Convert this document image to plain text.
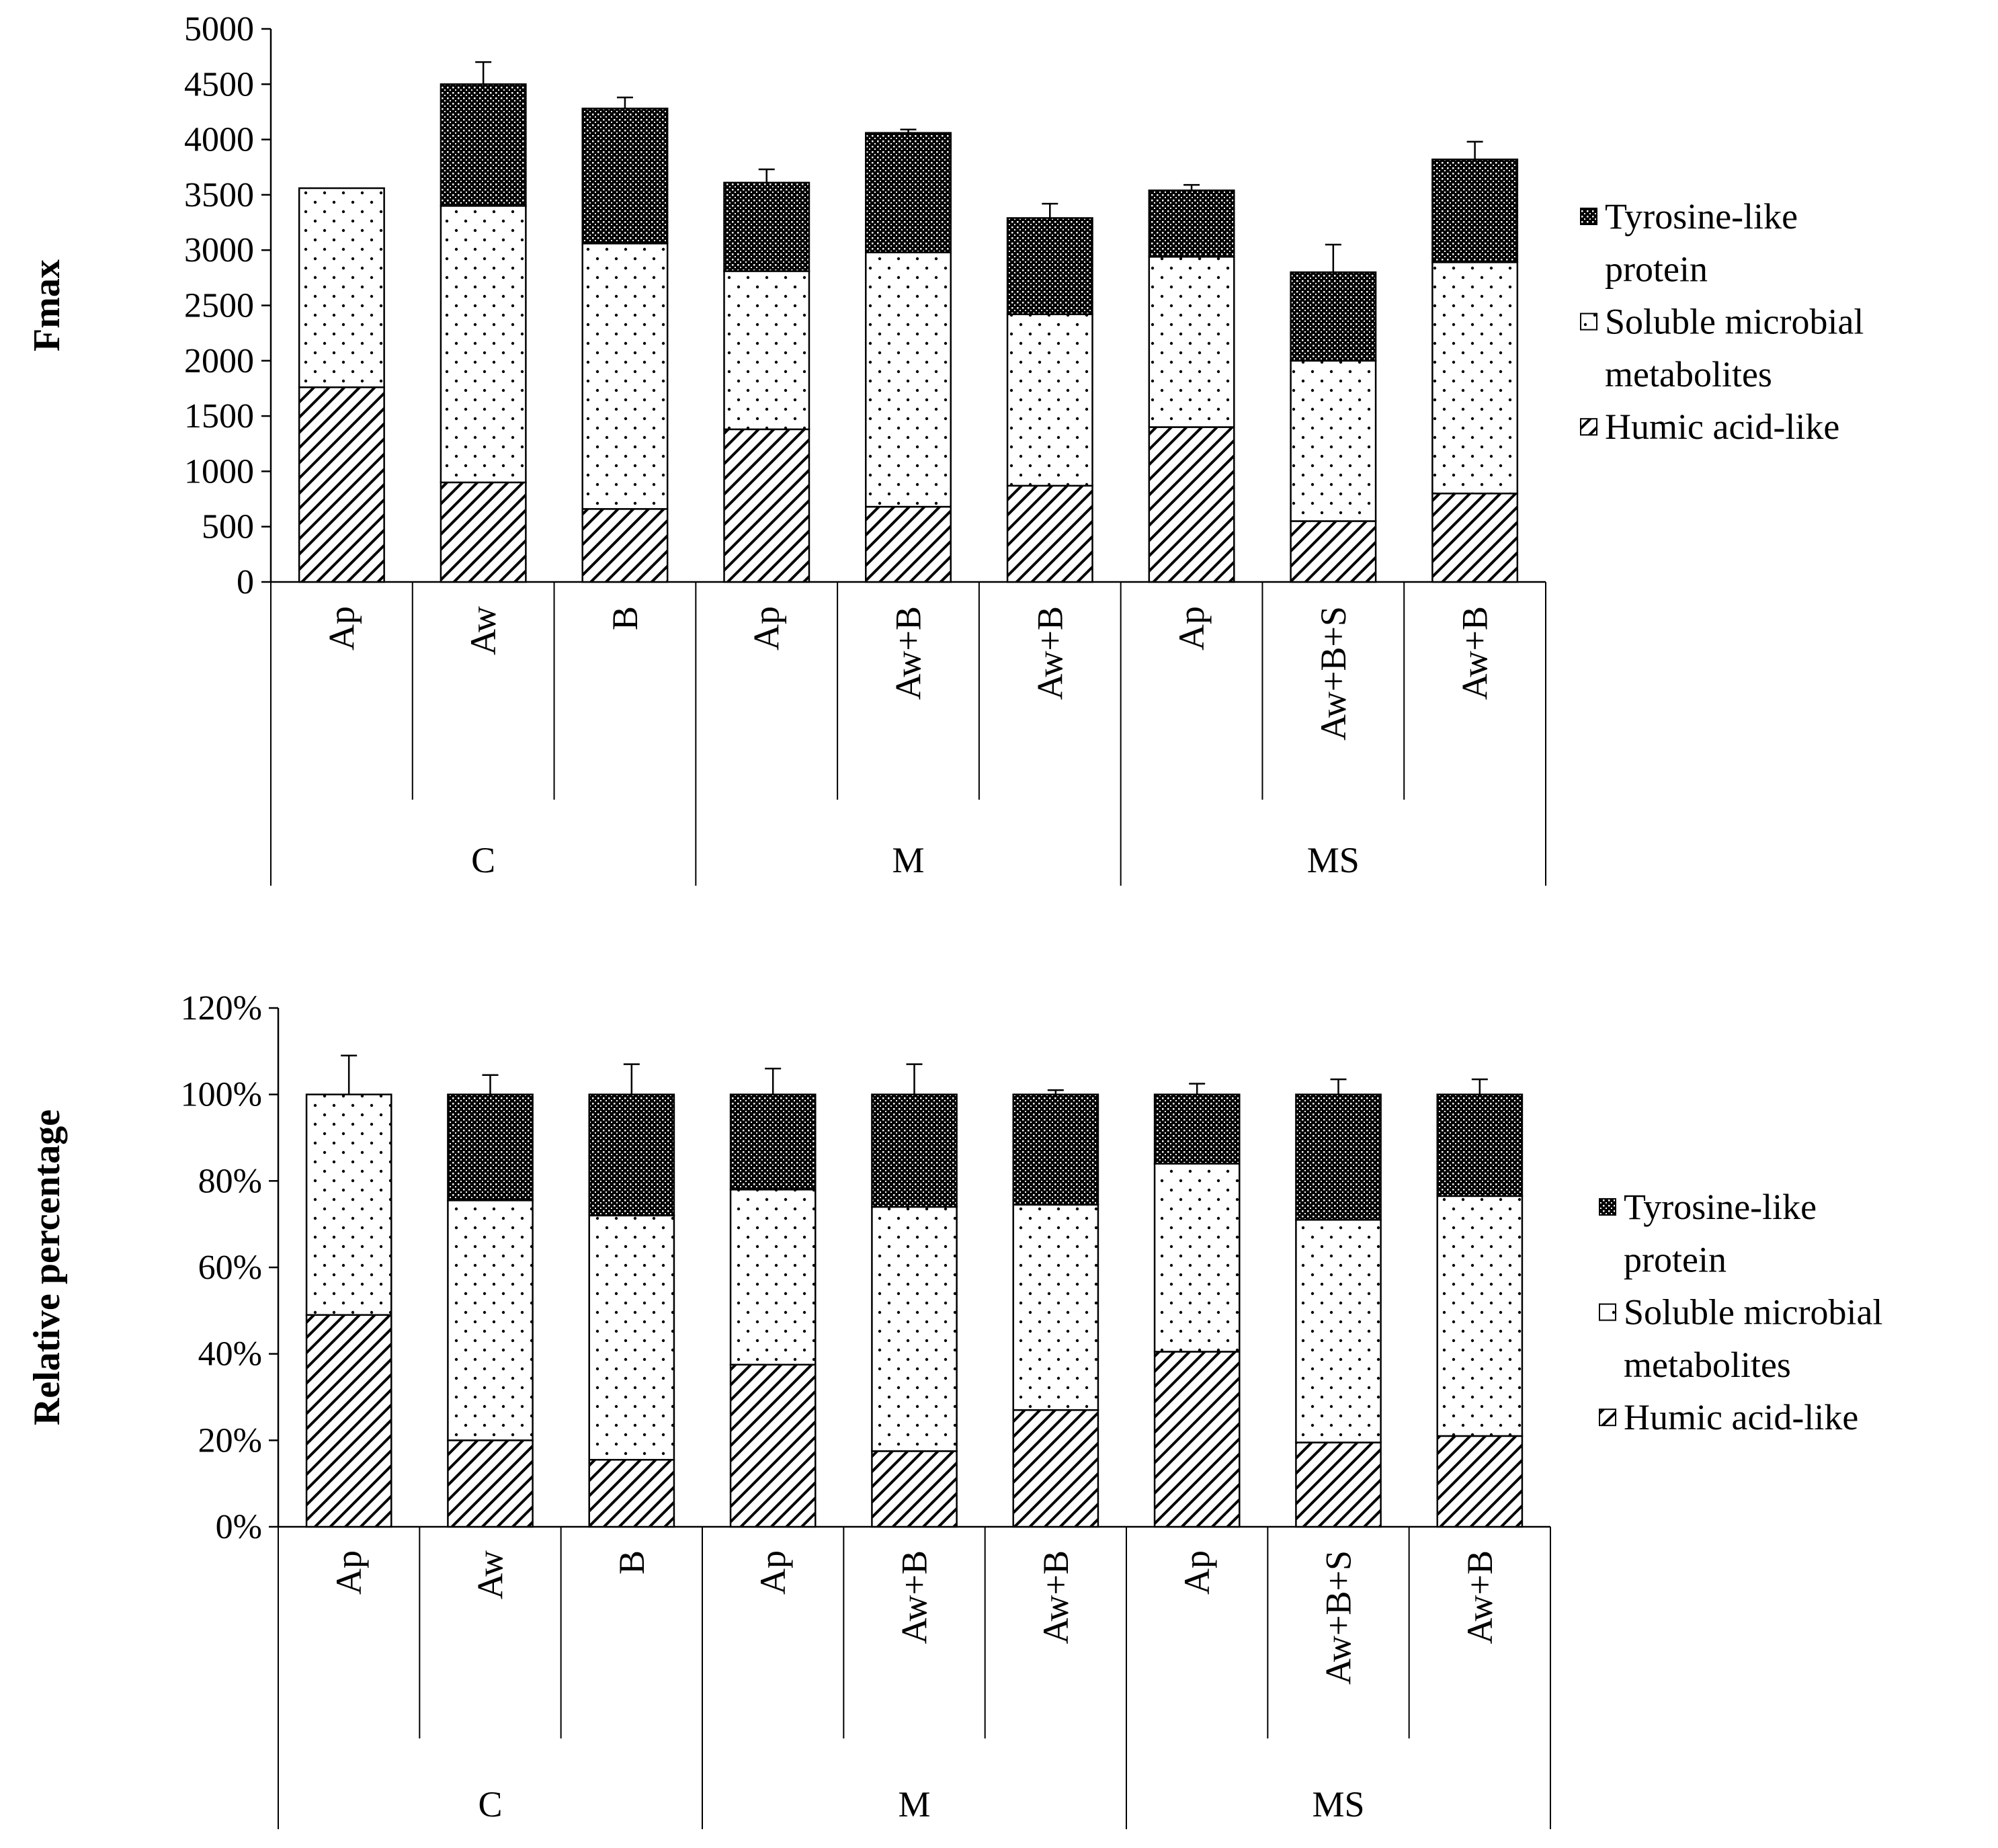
0
500
1000
1500
2000
2500
3000
3500
4000
4500
5000
Fmax
Ap	Aw	B	Ap	Aw+B	Aw+B	Ap	Aw+B+S	Aw+B
C	M	MS
Tyrosine-like
protein
Soluble microbial
metabolites
Humic acid-like
0%
20%
40%
60%
80%
100%
120%
Relative percentage
Ap	Aw	B	Ap	Aw+B	Aw+B	Ap	Aw+B+S	Aw+B
C	M	MS
Tyrosine-like
protein
Soluble microbial
metabolites
Humic acid-like
